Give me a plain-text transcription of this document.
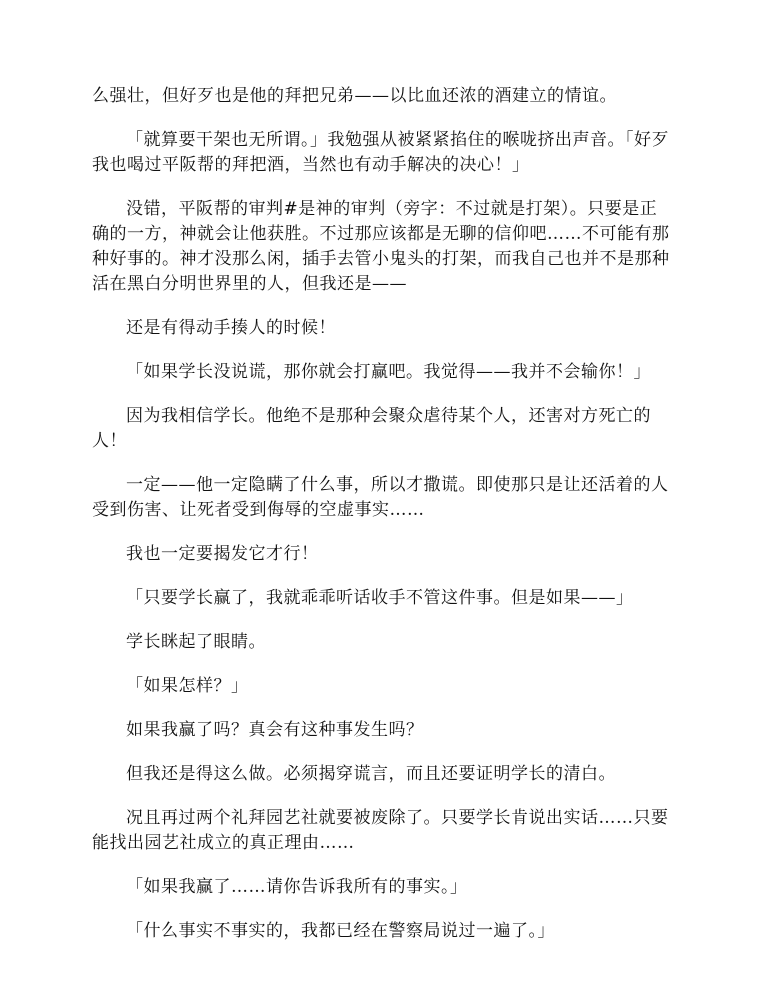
么强壮，但好歹也是他的拜把兄弟——以比血还浓的酒建立的情谊。

「就算要干架也无所谓。」我勉强从被紧紧掐住的喉咙挤出声音。「好歹我也喝过平阪帮的拜把酒，当然也有动手解决的决心！」

没错，平阪帮的审判#是神的审判（旁字：不过就是打架）。只要是正确的一方，神就会让他获胜。不过那应该都是无聊的信仰吧……不可能有那种好事的。神才没那么闲，插手去管小鬼头的打架，而我自己也并不是那种活在黑白分明世界里的人，但我还是——

还是有得动手揍人的时候！

「如果学长没说谎，那你就会打赢吧。我觉得——我并不会输你！」

因为我相信学长。他绝不是那种会聚众虐待某个人，还害对方死亡的人！

一定——他一定隐瞒了什么事，所以才撒谎。即使那只是让还活着的人受到伤害、让死者受到侮辱的空虚事实……

我也一定要揭发它才行！

「只要学长赢了，我就乖乖听话收手不管这件事。但是如果——」

学长眯起了眼睛。

「如果怎样？」

如果我赢了吗？真会有这种事发生吗？

但我还是得这么做。必须揭穿谎言，而且还要证明学长的清白。

况且再过两个礼拜园艺社就要被废除了。只要学长肯说出实话……只要能找出园艺社成立的真正理由……

「如果我赢了……请你告诉我所有的事实。」

「什么事实不事实的，我都已经在警察局说过一遍了。」
